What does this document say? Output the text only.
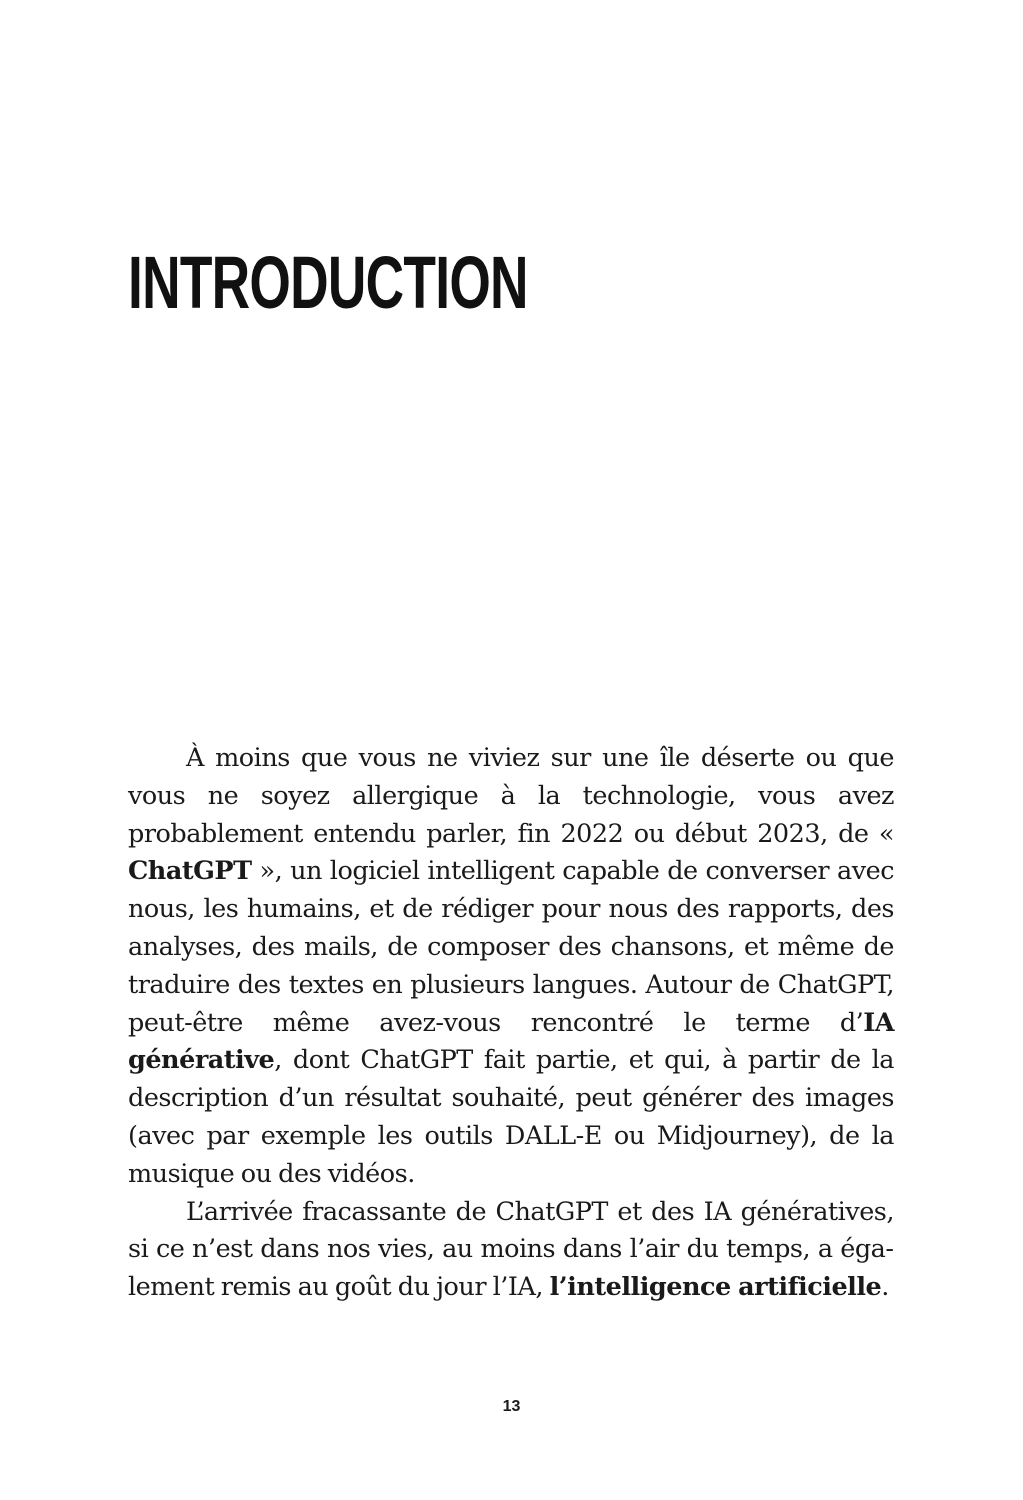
INTRODUCTION

À moins que vous ne viviez sur une île déserte ou que vous ne soyez allergique à la technologie, vous avez probablement entendu parler, fin 2022 ou début 2023, de « ChatGPT », un logiciel intelligent capable de converser avec nous, les humains, et de rédiger pour nous des rapports, des analyses, des mails, de composer des chansons, et même de traduire des textes en plusieurs langues. Autour de ChatGPT, peut-être même avez-vous rencontré le terme d’IA générative, dont ChatGPT fait partie, et qui, à partir de la description d’un résultat souhaité, peut générer des images (avec par exemple les outils DALL-E ou Midjourney), de la musique ou des vidéos.

L’arrivée fracassante de ChatGPT et des IA génératives, si ce n’est dans nos vies, au moins dans l’air du temps, a également remis au goût du jour l’IA, l’intelligence artificielle.

13
